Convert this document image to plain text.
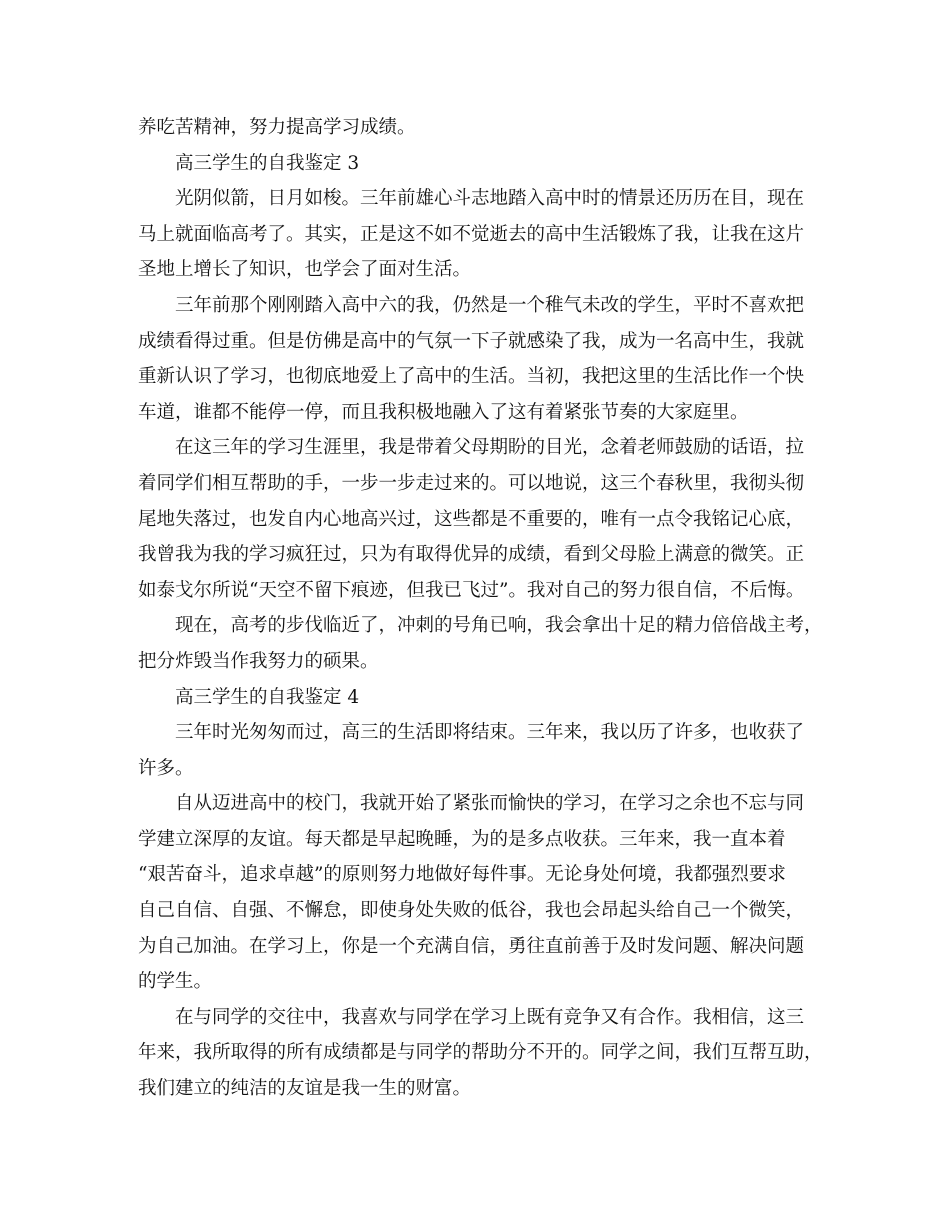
养吃苦精神，努力提高学习成绩。
高三学生的自我鉴定 3
光阴似箭，日月如梭。三年前雄心斗志地踏入高中时的情景还历历在目，现在
马上就面临高考了。其实，正是这不如不觉逝去的高中生活锻炼了我，让我在这片
圣地上增长了知识，也学会了面对生活。
三年前那个刚刚踏入高中六的我，仍然是一个稚气未改的学生，平时不喜欢把
成绩看得过重。但是仿佛是高中的气氛一下子就感染了我，成为一名高中生，我就
重新认识了学习，也彻底地爱上了高中的生活。当初，我把这里的生活比作一个快
车道，谁都不能停一停，而且我积极地融入了这有着紧张节奏的大家庭里。
在这三年的学习生涯里，我是带着父母期盼的目光，念着老师鼓励的话语，拉
着同学们相互帮助的手，一步一步走过来的。可以地说，这三个春秋里，我彻头彻
尾地失落过，也发自内心地高兴过，这些都是不重要的，唯有一点令我铭记心底，
我曾我为我的学习疯狂过，只为有取得优异的成绩，看到父母脸上满意的微笑。正
如泰戈尔所说“天空不留下痕迹，但我已飞过”。我对自己的努力很自信，不后悔。
现在，高考的步伐临近了，冲刺的号角已响，我会拿出十足的精力倍倍战主考，
把分炸毁当作我努力的硕果。
高三学生的自我鉴定 4
三年时光匆匆而过，高三的生活即将结束。三年来，我以历了许多，也收获了
许多。
自从迈进高中的校门，我就开始了紧张而愉快的学习，在学习之余也不忘与同
学建立深厚的友谊。每天都是早起晚睡，为的是多点收获。三年来，我一直本着
“艰苦奋斗，追求卓越”的原则努力地做好每件事。无论身处何境，我都强烈要求
自己自信、自强、不懈怠，即使身处失败的低谷，我也会昂起头给自己一个微笑，
为自己加油。在学习上，你是一个充满自信，勇往直前善于及时发问题、解决问题
的学生。
在与同学的交往中，我喜欢与同学在学习上既有竞争又有合作。我相信，这三
年来，我所取得的所有成绩都是与同学的帮助分不开的。同学之间，我们互帮互助，
我们建立的纯洁的友谊是我一生的财富。
